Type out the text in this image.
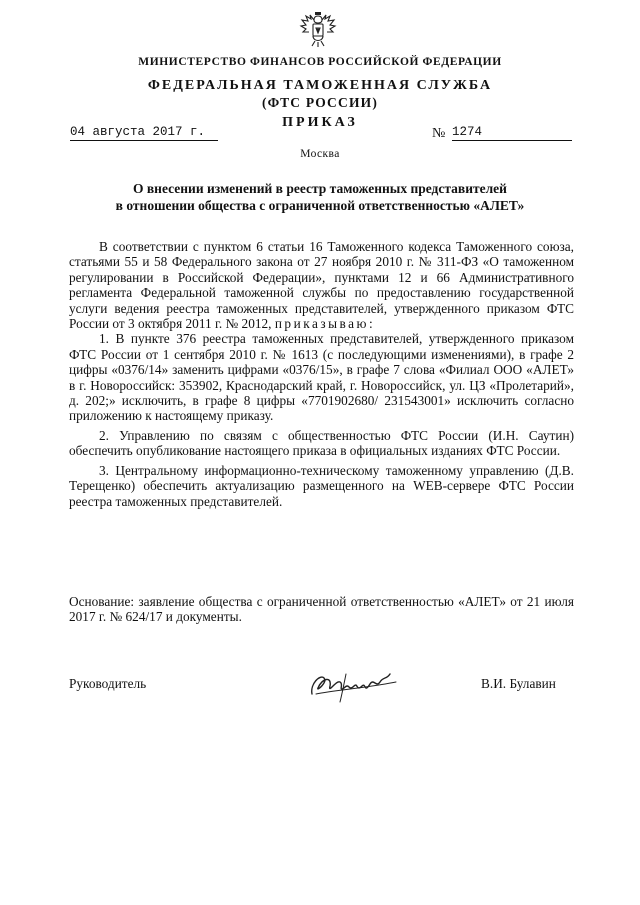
МИНИСТЕРСТВО ФИНАНСОВ РОССИЙСКОЙ ФЕДЕРАЦИИ
ФЕДЕРАЛЬНАЯ ТАМОЖЕННАЯ СЛУЖБА
(ФТС РОССИИ)
ПРИКАЗ
04 августа 2017 г.	№ 1274
Москва
О внесении изменений в реестр таможенных представителей
в отношении общества с ограниченной ответственностью «АЛЕТ»

В соответствии с пунктом 6 статьи 16 Таможенного кодекса Таможенного союза, статьями 55 и 58 Федерального закона от 27 ноября 2010 г. № 311-ФЗ «О таможенном регулировании в Российской Федерации», пунктами 12 и 66 Административного регламента Федеральной таможенной службы по предоставлению государственной услуги ведения реестра таможенных представителей, утвержденного приказом ФТС России от 3 октября 2011 г. № 2012, приказываю:

1. В пункте 376 реестра таможенных представителей, утвержденного приказом ФТС России от 1 сентября 2010 г. № 1613 (с последующими изменениями), в графе 2 цифры «0376/14» заменить цифрами «0376/15», в графе 7 слова «Филиал ООО «АЛЕТ» в г. Новороссийск: 353902, Краснодарский край, г. Новороссийск, ул. ЦЗ «Пролетарий», д. 202;» исключить, в графе 8 цифры «7701902680/ 231543001» исключить согласно приложению к настоящему приказу.

2. Управлению по связям с общественностью ФТС России (И.Н. Саутин) обеспечить опубликование настоящего приказа в официальных изданиях ФТС России.

3. Центральному информационно-техническому таможенному управлению (Д.В. Терещенко) обеспечить актуализацию размещенного на WEB-сервере ФТС России реестра таможенных представителей.

Основание: заявление общества с ограниченной ответственностью «АЛЕТ» от 21 июля 2017 г. № 624/17 и документы.

Руководитель	В.И. Булавин
